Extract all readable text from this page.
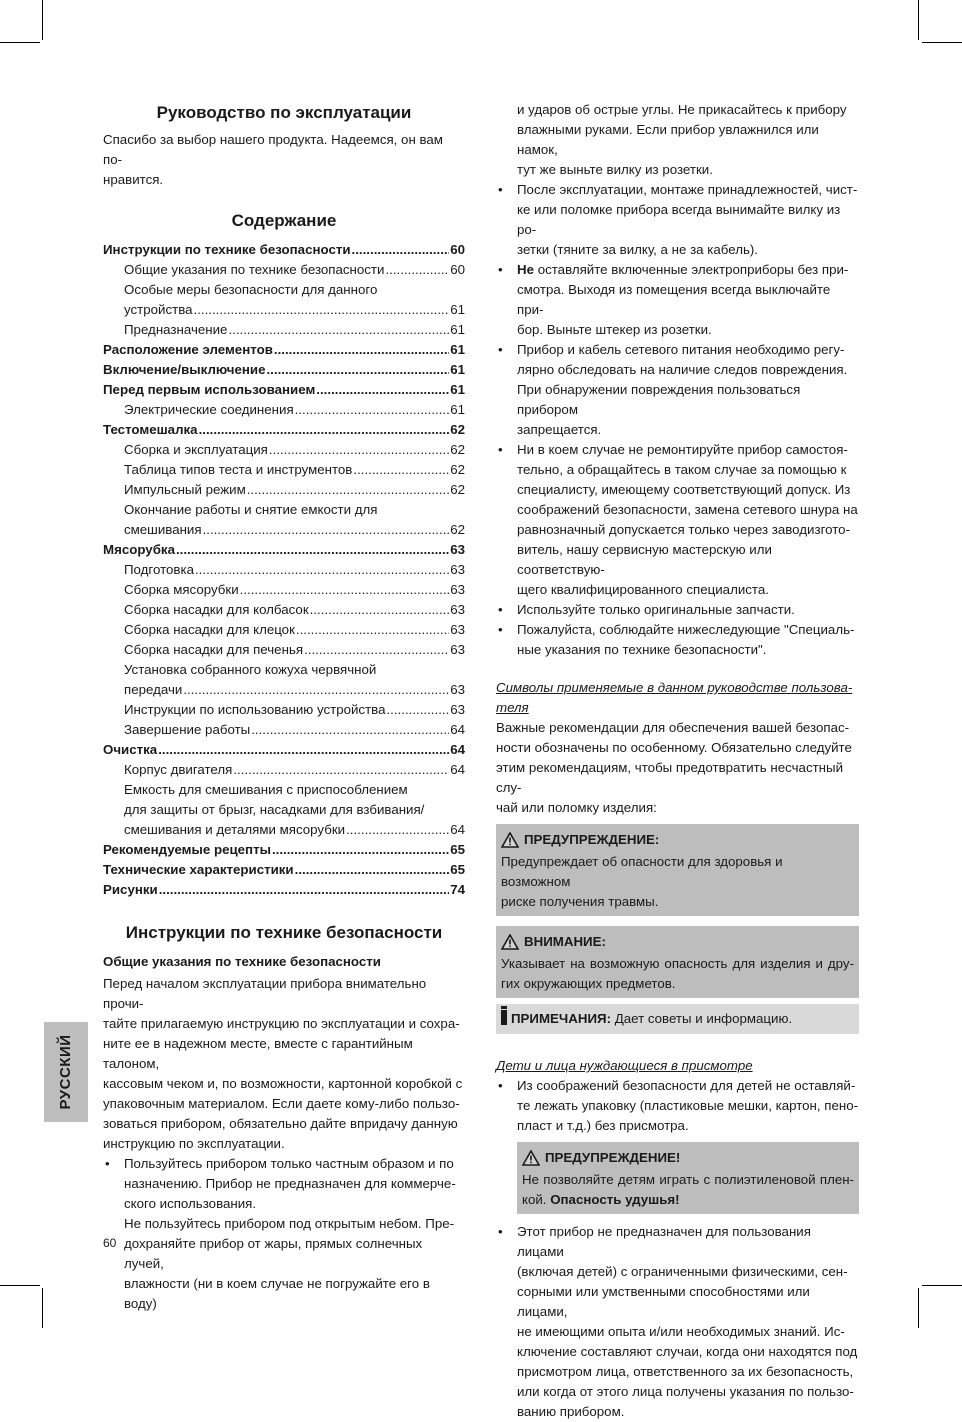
Руководство по эксплуатации

Спасибо за выбор нашего продукта. Надеемся, он вам по-

нравится.

Содержание
Инструкции по технике безопасности .....	60
Общие указания по технике безопасности .....	60
Особые меры безопасности для данного
устройства .....	61
Предназначение .....	61
Расположение элементов .....	61
Включение/выключение .....	61
Перед первым использованием .....	61
Электрические соединения .....	61
Тестомешалка .....	62
Сборка и эксплуатация .....	62
Таблица типов теста и инструментов .....	62
Импульсный режим .....	62
Окончание работы и снятие емкости для
смешивания .....	62
Мясорубка .....	63
Подготовка .....	63
Сборка мясорубки .....	63
Сборка насадки для колбасок .....	63
Сборка насадки для клецок .....	63
Сборка насадки для печенья .....	63
Установка собранного кожуха червячной
передачи .....	63
Инструкции по использованию устройства .....	63
Завершение работы .....	64
Очистка .....	64
Корпус двигателя .....	64
Емкость для смешивания с приспособлением
для защиты от брызг, насадками для взбивания/
смешивания и деталями мясорубки .....	64
Рекомендуемые рецепты .....	65
Технические характеристики .....	65
Рисунки .....	74
Инструкции по технике безопасности

Общие указания по технике безопасности

Перед началом эксплуатации прибора внимательно прочи-

тайте прилагаемую инструкцию по эксплуатации и сохра-

ните ее в надежном месте, вместе с гарантийным талоном,

кассовым чеком и, по возможности, картонной коробкой с

упаковочным материалом. Если даете кому-либо пользо-

зоваться прибором, обязательно дайте впридачу данную

инструкцию по эксплуатации.

• Пользуйтесь прибором только частным образом и по
назначению. Прибор не предназначен для коммерче-
ского использования.
Не пользуйтесь прибором под открытым небом. Пре-
дохраняйте прибор от жары, прямых солнечных лучей,
влажности (ни в коем случае не погружайте его в воду)
и ударов об острые углы. Не прикасайтесь к прибору
влажными руками. Если прибор увлажнился или намок,
тут же выньте вилку из розетки.
• После эксплуатации, монтаже принадлежностей, чист-
ке или поломке прибора всегда вынимайте вилку из ро-
зетки (тяните за вилку, а не за кабель).
• Не оставляйте включенные электроприборы без при-
смотра. Выходя из помещения всегда выключайте при-
бор. Выньте штекер из розетки.
• Прибор и кабель сетевого питания необходимо регу-
лярно обследовать на наличие следов повреждения.
При обнаружении повреждения пользоваться прибором
запрещается.
• Ни в коем случае не ремонтируйте прибор самостоя-
тельно, а обращайтесь в таком случае за помощью к
специалисту, имеющему соответствующий допуск. Из
соображений безопасности, замена сетевого шнура на
равнозначный допускается только через заводизгото-
витель, нашу сервисную мастерскую или соответствую-
щего квалифицированного специалиста.
• Используйте только оригинальные запчасти.
• Пожалуйста, соблюдайте нижеследующие "Специаль-
ные указания по технике безопасности".
Символы применяемые в данном руководстве пользова-
теля
Важные рекомендации для обеспечения вашей безопас-
ности обозначены по особенному. Обязательно следуйте
этим рекомендациям, чтобы предотвратить несчастный слу-
чай или поломку изделия:
ПРЕДУПРЕЖДЕНИЕ:
Предупреждает об опасности для здоровья и возможном
риске получения травмы.
ВНИМАНИЕ:
Указывает на возможную опасность для изделия и дру-
гих окружающих предметов.
ПРИМЕЧАНИЯ: Дает советы и информацию.
Дети и лица нуждающиеся в присмотре
• Из соображений безопасности для детей не оставляй-
те лежать упаковку (пластиковые мешки, картон, пено-
пласт и т.д.) без присмотра.
ПРЕДУПРЕЖДЕНИЕ!
Не позволяйте детям играть с полиэтиленовой плен-
кой. Опасность удушья!
• Этот прибор не предназначен для пользования лицами
(включая детей) с ограниченными физическими, сен-
сорными или умственными способностями или лицами,
не имеющими опыта и/или необходимых знаний. Ис-
ключение составляют случаи, когда они находятся под
присмотром лица, ответственного за их безопасность,
или когда от этого лица получены указания по пользо-
ванию прибором.
РУССКИЙ
60
